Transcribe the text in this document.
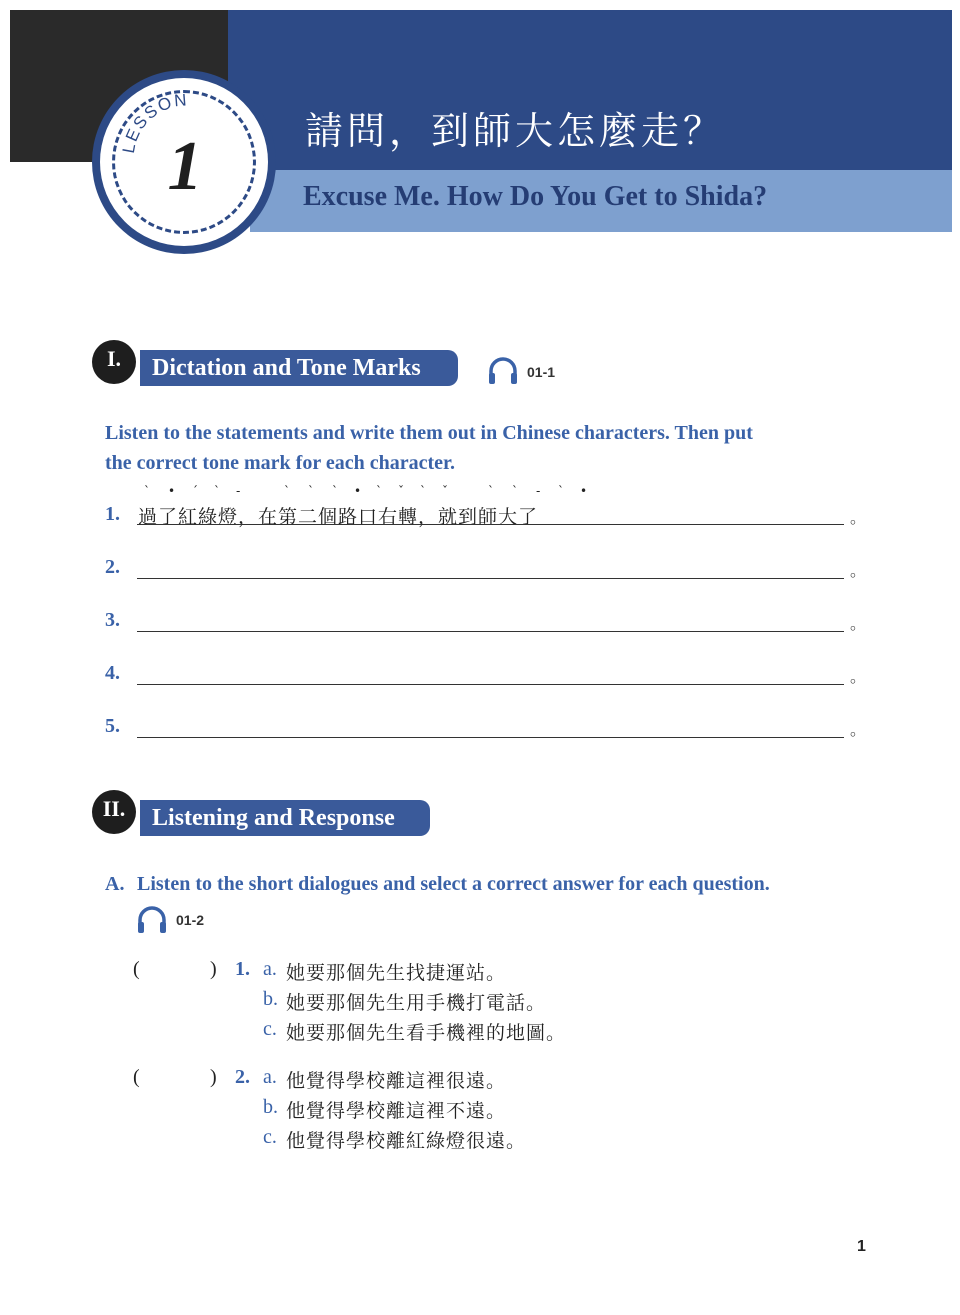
請問，到師大怎麼走？
Excuse Me. How Do You Get to Shida?
LESSON
1
Dictation and Tone Marks
I.
01-1
Listen to the statements and write them out in Chinese characters. Then put
the correct tone mark for each character.
1.
ˋ • ˊ ˋ -	ˋ ˋ ˋ • ˋ ˇ ˋ ˇ	ˋ ˋ - ˋ •
過了紅綠燈，在第二個路口右轉，就到師大了	。
2.	。
3.	。
4.	。
5.	。
Listening and Response
II.
A. Listen to the short dialogues and select a correct answer for each question.
01-2
(	) 1. a. 她要那個先生找捷運站。
b. 她要那個先生用手機打電話。
c. 她要那個先生看手機裡的地圖。
(	) 2. a. 他覺得學校離這裡很遠。
b. 他覺得學校離這裡不遠。
c. 他覺得學校離紅綠燈很遠。
1
